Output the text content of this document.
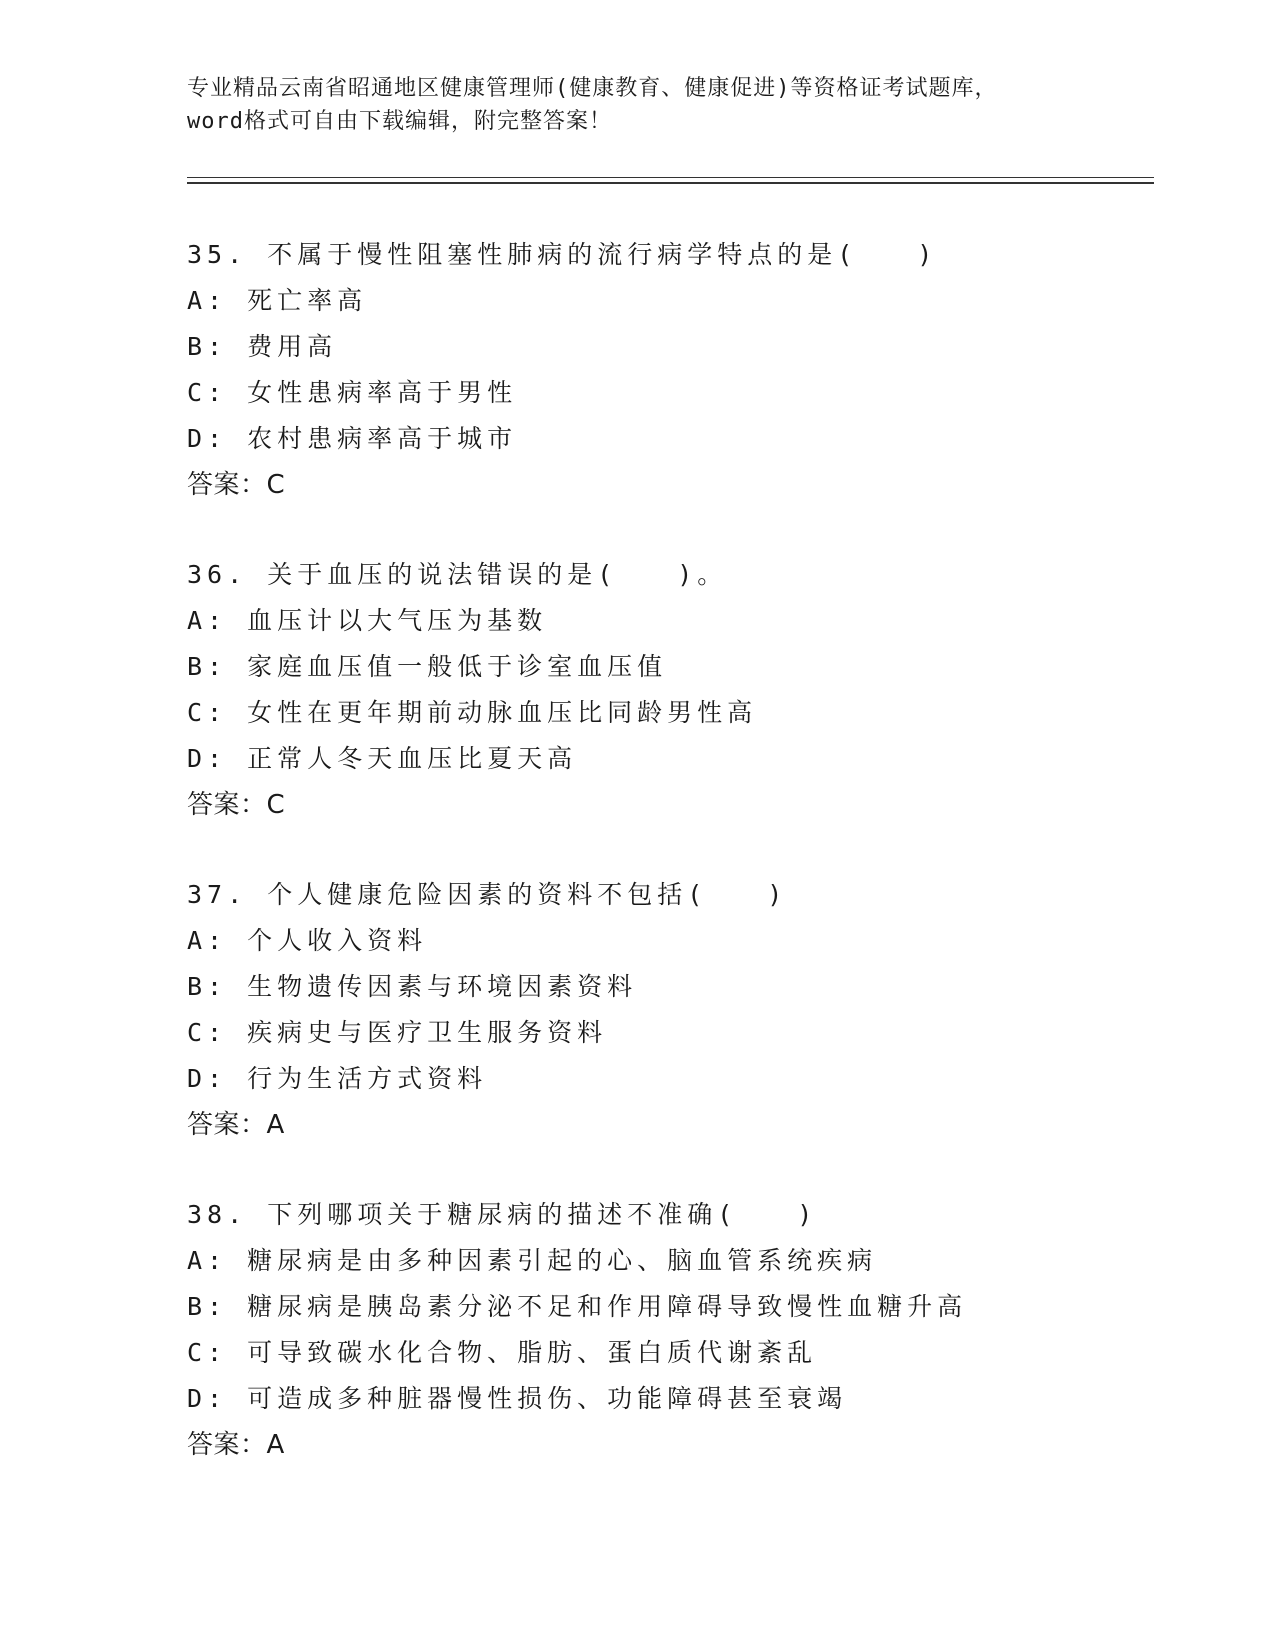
专业精品云南省昭通地区健康管理师(健康教育、健康促进)等资格证考试题库，
word格式可自由下载编辑，附完整答案！
35. 不属于慢性阻塞性肺病的流行病学特点的是(　　)
A: 死亡率高
B: 费用高
C: 女性患病率高于男性
D: 农村患病率高于城市
答案：C
36. 关于血压的说法错误的是(　　)。
A: 血压计以大气压为基数
B: 家庭血压值一般低于诊室血压值
C: 女性在更年期前动脉血压比同龄男性高
D: 正常人冬天血压比夏天高
答案：C
37. 个人健康危险因素的资料不包括(　　)
A: 个人收入资料
B: 生物遗传因素与环境因素资料
C: 疾病史与医疗卫生服务资料
D: 行为生活方式资料
答案：A
38. 下列哪项关于糖尿病的描述不准确(　　)
A: 糖尿病是由多种因素引起的心、脑血管系统疾病
B: 糖尿病是胰岛素分泌不足和作用障碍导致慢性血糖升高
C: 可导致碳水化合物、脂肪、蛋白质代谢紊乱
D: 可造成多种脏器慢性损伤、功能障碍甚至衰竭
答案：A
